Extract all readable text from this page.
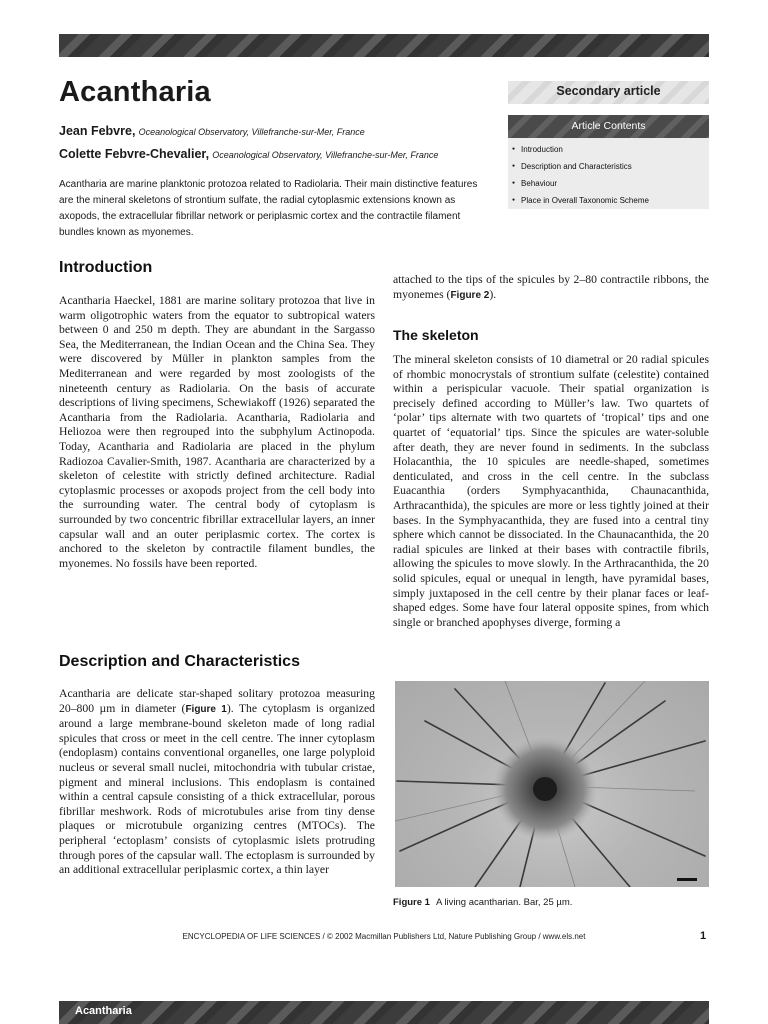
Acantharia
Jean Febvre, Oceanological Observatory, Villefranche-sur-Mer, France
Colette Febvre-Chevalier, Oceanological Observatory, Villefranche-sur-Mer, France

Acantharia are marine planktonic protozoa related to Radiolaria. Their main distinctive features are the mineral skeletons of strontium sulfate, the radial cytoplasmic extensions known as axopods, the extracellular fibrillar network or periplasmic cortex and the contractile filament bundles known as myonemes.

Secondary article
Article Contents
● Introduction
● Description and Characteristics
● Behaviour
● Place in Overall Taxonomic Scheme
Introduction

Acantharia Haeckel, 1881 are marine solitary protozoa that live in warm oligotrophic waters from the equator to subtropical waters between 0 and 250 m depth. They are abundant in the Sargasso Sea, the Mediterranean, the Indian Ocean and the China Sea. They were discovered by Müller in plankton samples from the Mediterranean and were regarded by most zoologists of the nineteenth century as Radiolaria. On the basis of accurate descriptions of living specimens, Schewiakoff (1926) separated the Acantharia from the Radiolaria. Acantharia, Radiolaria and Heliozoa were then regrouped into the subphylum Actinopoda. Today, Acantharia and Radiolaria are placed in the phylum Radiozoa Cavalier-Smith, 1987. Acantharia are characterized by a skeleton of celestite with strictly defined architecture. Radial cytoplasmic processes or axopods project from the cell body into the surrounding water. The central body of cytoplasm is surrounded by two concentric fibrillar extracellular layers, an inner capsular wall and an outer periplasmic cortex. The cortex is anchored to the skeleton by contractile filament bundles, the myonemes. No fossils have been reported.

Description and Characteristics

Acantharia are delicate star-shaped solitary protozoa measuring 20–800 µm in diameter (Figure 1). The cytoplasm is organized around a large membrane-bound skeleton made of long radial spicules that cross or meet in the cell centre. The inner cytoplasm (endoplasm) contains conventional organelles, one large polyploid nucleus or several small nuclei, mitochondria with tubular cristae, pigment and mineral inclusions. This endoplasm is contained within a central capsule consisting of a thick extracellular, porous fibrillar meshwork. Rods of microtubules arise from tiny dense plaques or microtubule organizing centres (MTOCs). The peripheral ‘ectoplasm’ consists of cytoplasmic islets protruding through pores of the capsular wall. The ectoplasm is surrounded by an additional extracellular periplasmic cortex, a thin layer

attached to the tips of the spicules by 2–80 contractile ribbons, the myonemes (Figure 2).

The skeleton

The mineral skeleton consists of 10 diametral or 20 radial spicules of rhombic monocrystals of strontium sulfate (celestite) contained within a perispicular vacuole. Their spatial organization is precisely defined according to Müller’s law. Two quartets of ‘polar’ tips alternate with two quartets of ‘tropical’ tips and one quartet of ‘equatorial’ tips. Since the spicules are water-soluble after death, they are never found in sediments. In the subclass Holacanthia, the 10 spicules are needle-shaped, sometimes denticulated, and cross in the cell centre. In the subclass Euacanthia (orders Symphyacanthida, Chaunacanthida, Arthracanthida), the spicules are more or less tightly joined at their bases. In the Symphyacanthida, they are fused into a central tiny sphere which cannot be dissociated. In the Chaunacanthida, the 20 radial spicules are linked at their bases with contractile fibrils, allowing the spicules to move slowly. In the Arthracanthida, the 20 solid spicules, equal or unequal in length, have pyramidal bases, simply juxtaposed in the cell centre by their planar faces or leaf-shaped edges. Some have four lateral opposite spines, from which single or branched apophyses diverge, forming a

Figure 1 A living acantharian. Bar, 25 µm.
ENCYCLOPEDIA OF LIFE SCIENCES / © 2002 Macmillan Publishers Ltd, Nature Publishing Group / www.els.net	1
Acantharia
